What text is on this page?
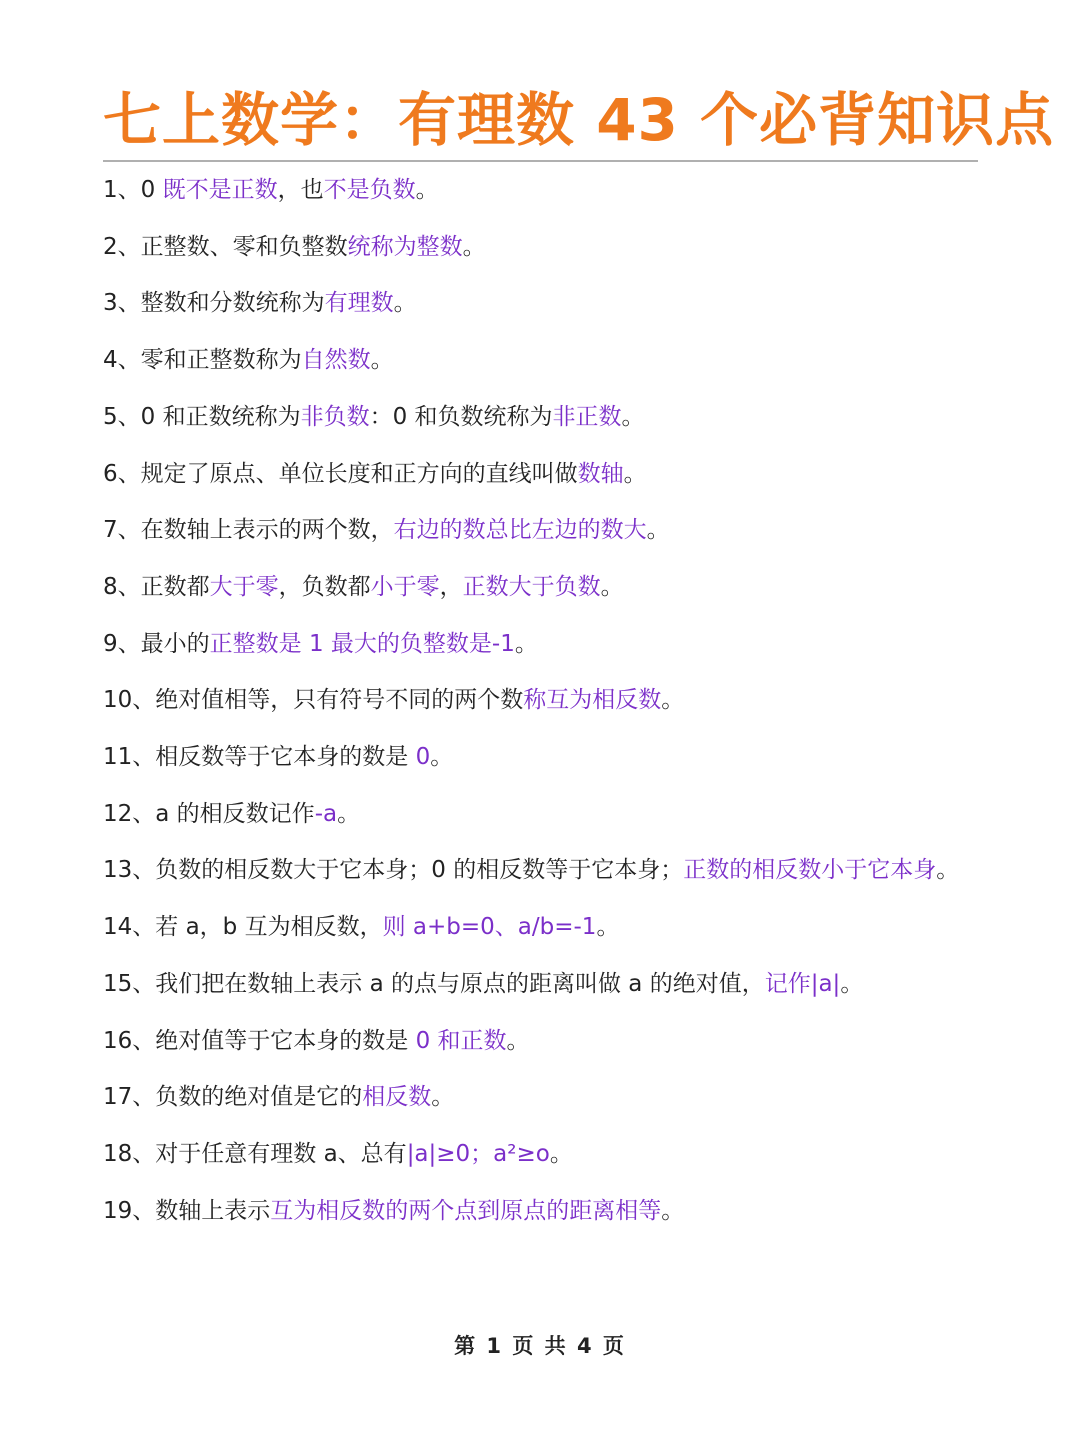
七上数学：有理数 43 个必背知识点
1、0 既不是正数，也不是负数。
2、正整数、零和负整数统称为整数。
3、整数和分数统称为有理数。
4、零和正整数称为自然数。
5、0 和正数统称为非负数：0 和负数统称为非正数。
6、规定了原点、单位长度和正方向的直线叫做数轴。
7、在数轴上表示的两个数，右边的数总比左边的数大。
8、正数都大于零，负数都小于零，正数大于负数。
9、最小的正整数是 1 最大的负整数是-1。
10、绝对值相等，只有符号不同的两个数称互为相反数。
11、相反数等于它本身的数是 0。
12、a 的相反数记作-a。
13、负数的相反数大于它本身；0 的相反数等于它本身；正数的相反数小于它本身。
14、若 a，b 互为相反数，则 a+b=0、a/b=-1。
15、我们把在数轴上表示 a 的点与原点的距离叫做 a 的绝对值，记作|a|。
16、绝对值等于它本身的数是 0 和正数。
17、负数的绝对值是它的相反数。
18、对于任意有理数 a、总有|a|≥0；a²≥o。
19、数轴上表示互为相反数的两个点到原点的距离相等。
第 1 页 共 4 页
